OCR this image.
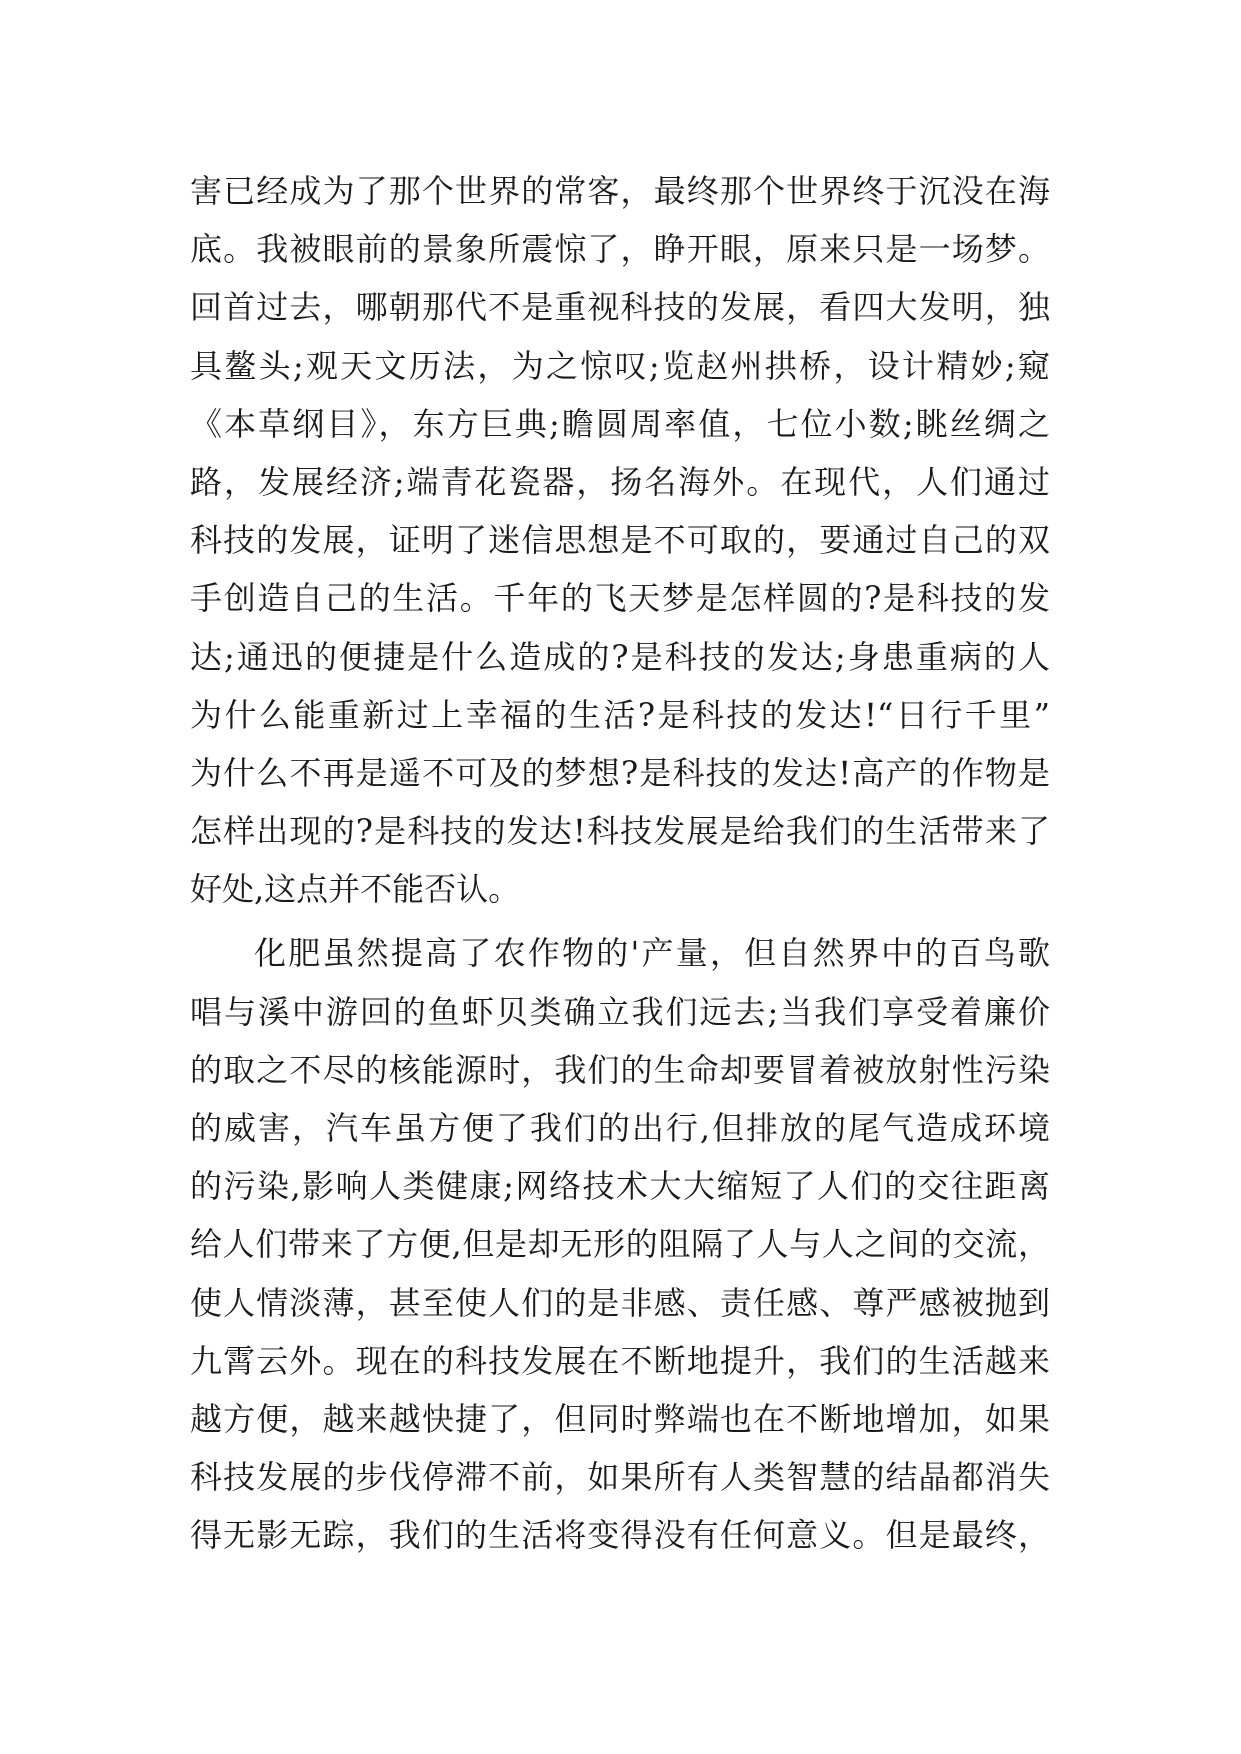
害已经成为了那个世界的常客，最终那个世界终于沉没在海
底。我被眼前的景象所震惊了，睁开眼，原来只是一场梦。
回首过去，哪朝那代不是重视科技的发展，看四大发明，独
具鳌头;观天文历法，为之惊叹;览赵州拱桥，设计精妙;窥
《本草纲目》，东方巨典;瞻圆周率值，七位小数;眺丝绸之
路，发展经济;端青花瓷器，扬名海外。在现代，人们通过
科技的发展，证明了迷信思想是不可取的，要通过自己的双
手创造自己的生活。千年的飞天梦是怎样圆的?是科技的发
达;通迅的便捷是什么造成的?是科技的发达;身患重病的人
为什么能重新过上幸福的生活?是科技的发达!“日行千里”
为什么不再是遥不可及的梦想?是科技的发达!高产的作物是
怎样出现的?是科技的发达!科技发展是给我们的生活带来了
好处,这点并不能否认。
化肥虽然提高了农作物的'产量，但自然界中的百鸟歌
唱与溪中游回的鱼虾贝类确立我们远去;当我们享受着廉价
的取之不尽的核能源时，我们的生命却要冒着被放射性污染
的威害，汽车虽方便了我们的出行,但排放的尾气造成环境
的污染,影响人类健康;网络技术大大缩短了人们的交往距离
给人们带来了方便,但是却无形的阻隔了人与人之间的交流，
使人情淡薄，甚至使人们的是非感、责任感、尊严感被抛到
九霄云外。现在的科技发展在不断地提升，我们的生活越来
越方便，越来越快捷了，但同时弊端也在不断地增加，如果
科技发展的步伐停滞不前，如果所有人类智慧的结晶都消失
得无影无踪，我们的生活将变得没有任何意义。但是最终，
